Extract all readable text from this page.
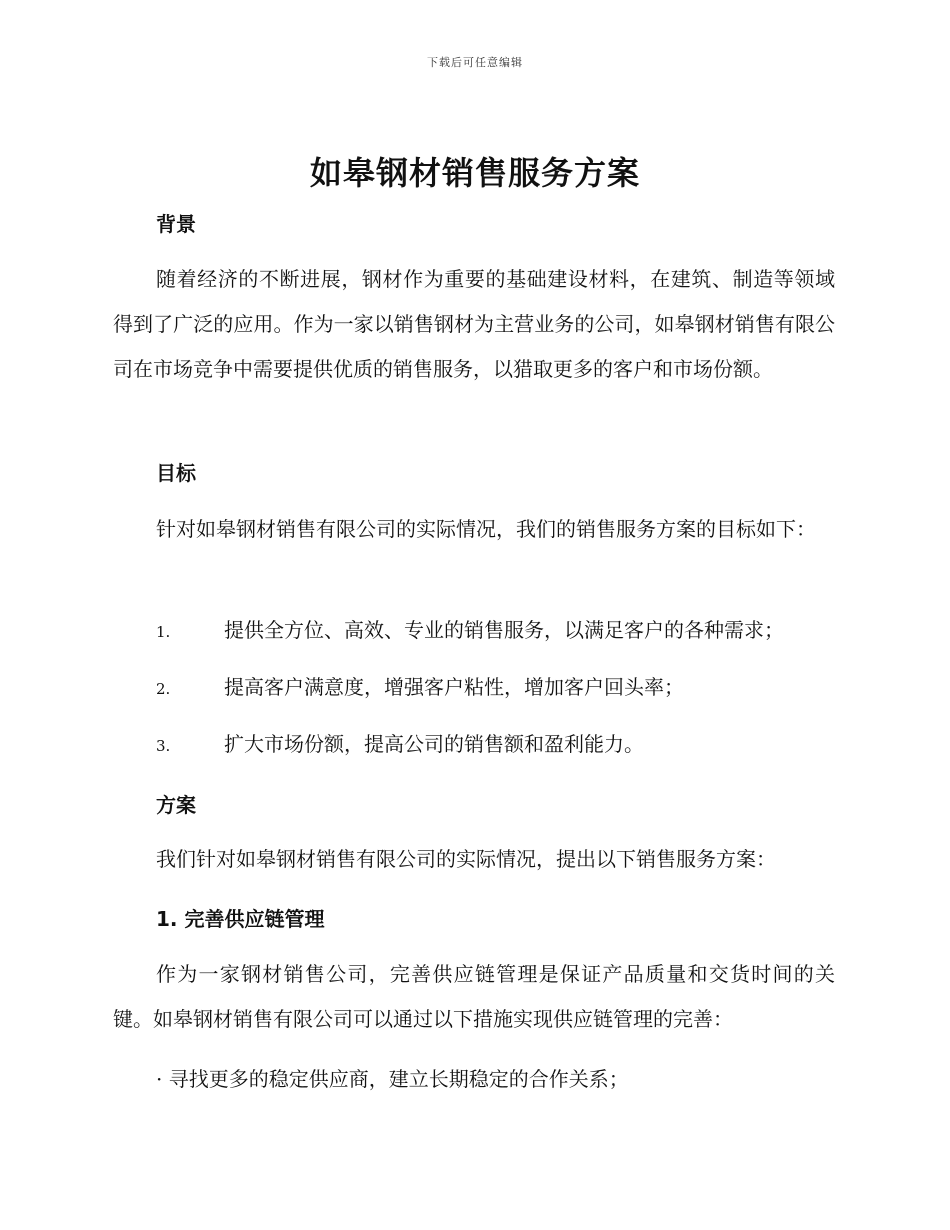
下载后可任意编辑
如皋钢材销售服务方案
背景

随着经济的不断进展，钢材作为重要的基础建设材料，在建筑、制造等领域得到了广泛的应用。作为一家以销售钢材为主营业务的公司，如皋钢材销售有限公司在市场竞争中需要提供优质的销售服务，以猎取更多的客户和市场份额。

目标

针对如皋钢材销售有限公司的实际情况，我们的销售服务方案的目标如下：

1.	提供全方位、高效、专业的销售服务，以满足客户的各种需求；
2.	提高客户满意度，增强客户粘性，增加客户回头率；
3.	扩大市场份额，提高公司的销售额和盈利能力。
方案

我们针对如皋钢材销售有限公司的实际情况，提出以下销售服务方案：

1. 完善供应链管理

作为一家钢材销售公司，完善供应链管理是保证产品质量和交货时间的关键。如皋钢材销售有限公司可以通过以下措施实现供应链管理的完善：

· 寻找更多的稳定供应商，建立长期稳定的合作关系；
